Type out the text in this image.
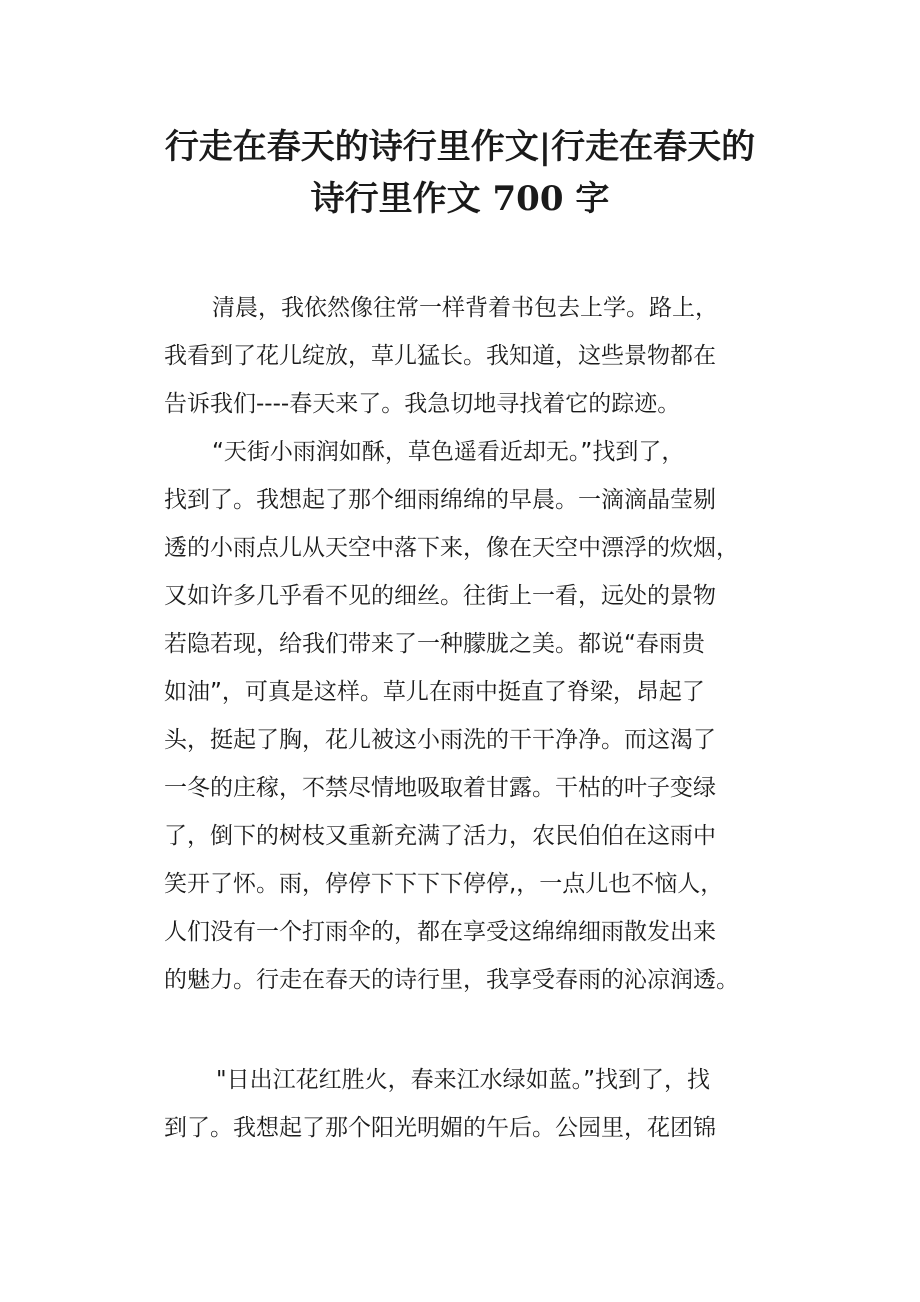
行走在春天的诗行里作文|行走在春天的
诗行里作文 700 字
清晨，我依然像往常一样背着书包去上学。路上，
我看到了花儿绽放，草儿猛长。我知道，这些景物都在
告诉我们----春天来了。我急切地寻找着它的踪迹。
“天街小雨润如酥，草色遥看近却无。”找到了，
找到了。我想起了那个细雨绵绵的早晨。一滴滴晶莹剔
透的小雨点儿从天空中落下来，像在天空中漂浮的炊烟，
又如许多几乎看不见的细丝。往街上一看，远处的景物
若隐若现，给我们带来了一种朦胧之美。都说“春雨贵
如油”，可真是这样。草儿在雨中挺直了脊梁，昂起了
头，挺起了胸，花儿被这小雨洗的干干净净。而这渴了
一冬的庄稼，不禁尽情地吸取着甘露。干枯的叶子变绿
了，倒下的树枝又重新充满了活力，农民伯伯在这雨中
笑开了怀。雨，停停下下下下停停,，一点儿也不恼人，
人们没有一个打雨伞的，都在享受这绵绵细雨散发出来
的魅力。行走在春天的诗行里，我享受春雨的沁凉润透。
"日出江花红胜火，春来江水绿如蓝。”找到了，找
到了。我想起了那个阳光明媚的午后。公园里，花团锦
